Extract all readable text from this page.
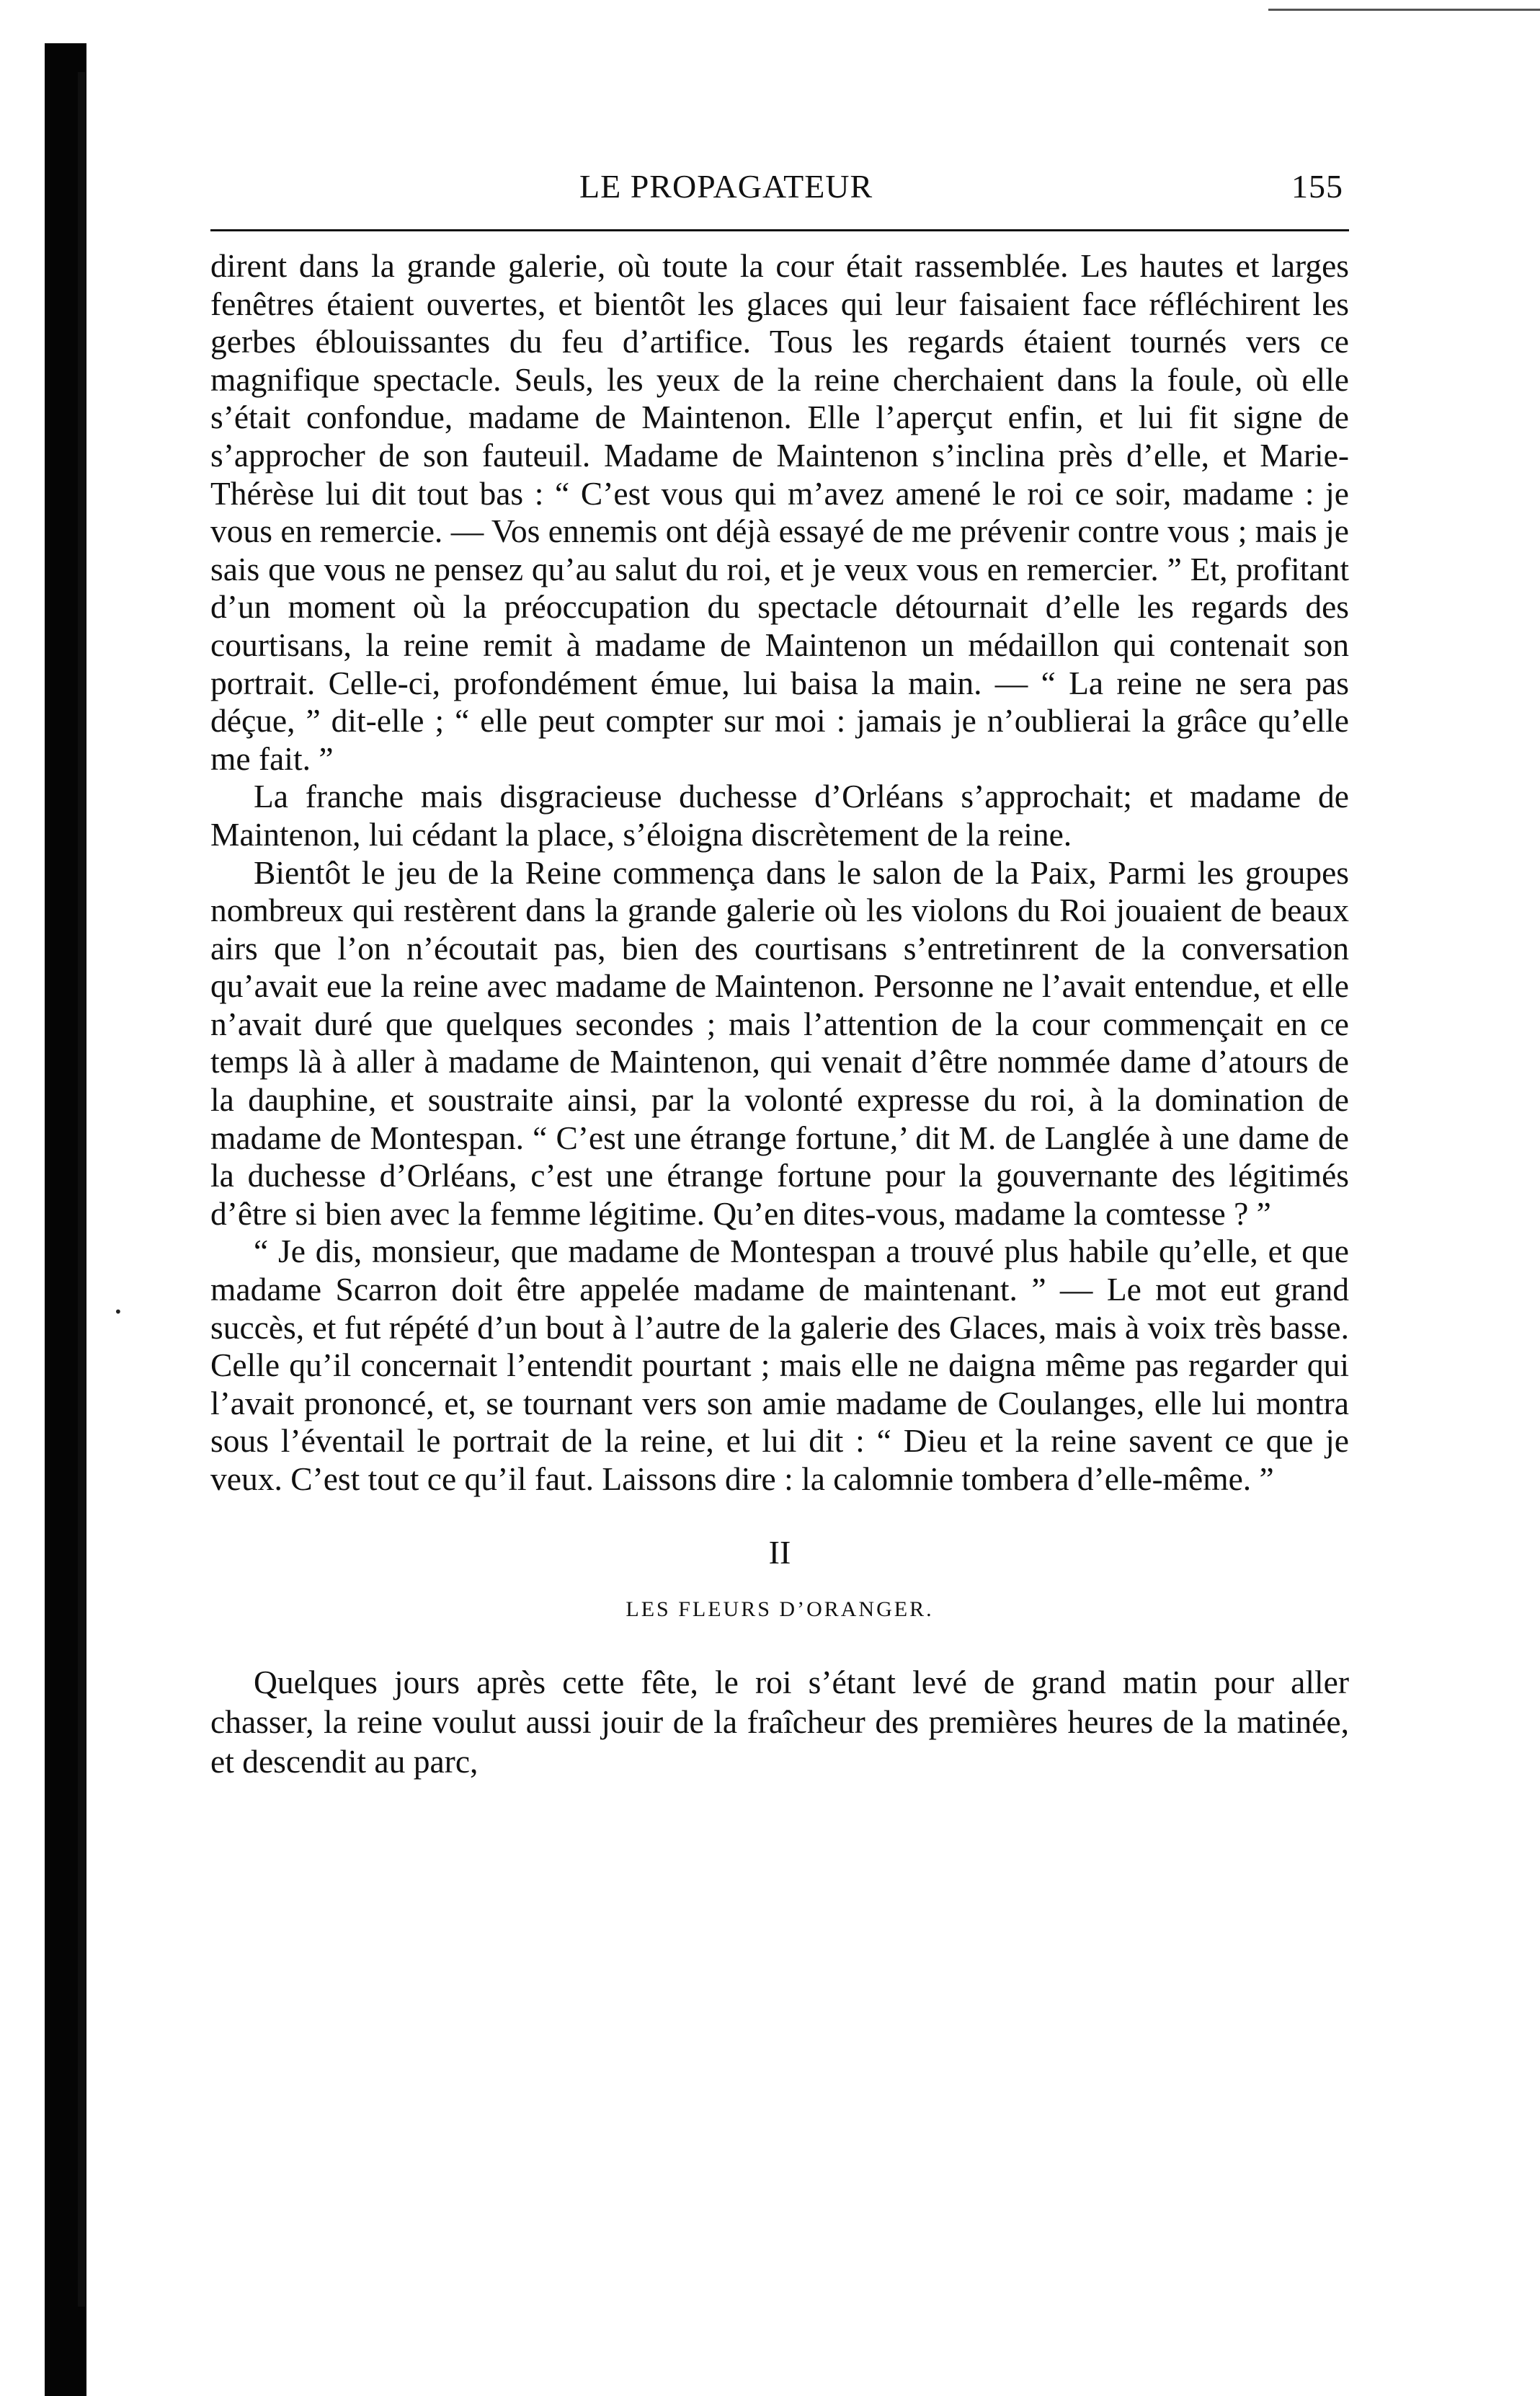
•
LE PROPAGATEUR	155

dirent dans la grande galerie, où toute la cour était rassemblée. Les hautes et larges fenêtres étaient ouvertes, et bientôt les glaces qui leur faisaient face réfléchirent les gerbes éblouissantes du feu d’artifice. Tous les regards étaient tournés vers ce magnifique spectacle. Seuls, les yeux de la reine cherchaient dans la foule, où elle s’était confondue, madame de Maintenon. Elle l’aperçut enfin, et lui fit signe de s’approcher de son fauteuil. Madame de Maintenon s’inclina près d’elle, et Marie-Thérèse lui dit tout bas : “ C’est vous qui m’avez amené le roi ce soir, madame : je vous en remercie. — Vos ennemis ont déjà essayé de me prévenir contre vous ; mais je sais que vous ne pensez qu’au salut du roi, et je veux vous en remercier. ” Et, profitant d’un moment où la préoccupation du spectacle détournait d’elle les regards des courtisans, la reine remit à madame de Maintenon un médaillon qui contenait son portrait. Celle-ci, profondément émue, lui baisa la main. — “ La reine ne sera pas déçue, ” dit-elle ; “ elle peut compter sur moi : jamais je n’oublierai la grâce qu’elle me fait. ”

La franche mais disgracieuse duchesse d’Orléans s’approchait; et madame de Maintenon, lui cédant la place, s’éloigna discrètement de la reine.

Bientôt le jeu de la Reine commença dans le salon de la Paix, Parmi les groupes nombreux qui restèrent dans la grande galerie où les violons du Roi jouaient de beaux airs que l’on n’écoutait pas, bien des courtisans s’entretinrent de la conversation qu’avait eue la reine avec madame de Maintenon. Personne ne l’avait entendue, et elle n’avait duré que quelques secondes ; mais l’attention de la cour commençait en ce temps là à aller à madame de Maintenon, qui venait d’être nommée dame d’atours de la dauphine, et soustraite ainsi, par la volonté expresse du roi, à la domination de madame de Montespan. “ C’est une étrange fortune,’ dit M. de Langlée à une dame de la duchesse d’Orléans, c’est une étrange fortune pour la gouvernante des légitimés d’être si bien avec la femme légitime. Qu’en dites-vous, madame la comtesse ? ”

“ Je dis, monsieur, que madame de Montespan a trouvé plus habile qu’elle, et que madame Scarron doit être appelée madame de maintenant. ” — Le mot eut grand succès, et fut répété d’un bout à l’autre de la galerie des Glaces, mais à voix très basse. Celle qu’il concernait l’entendit pourtant ; mais elle ne daigna même pas regarder qui l’avait prononcé, et, se tournant vers son amie madame de Coulanges, elle lui montra sous l’éventail le portrait de la reine, et lui dit : “ Dieu et la reine savent ce que je veux. C’est tout ce qu’il faut. Laissons dire : la calomnie tombera d’elle-même. ”

II
LES FLEURS D’ORANGER.

Quelques jours après cette fête, le roi s’étant levé de grand matin pour aller chasser, la reine voulut aussi jouir de la fraîcheur des premières heures de la matinée, et descendit au parc,
